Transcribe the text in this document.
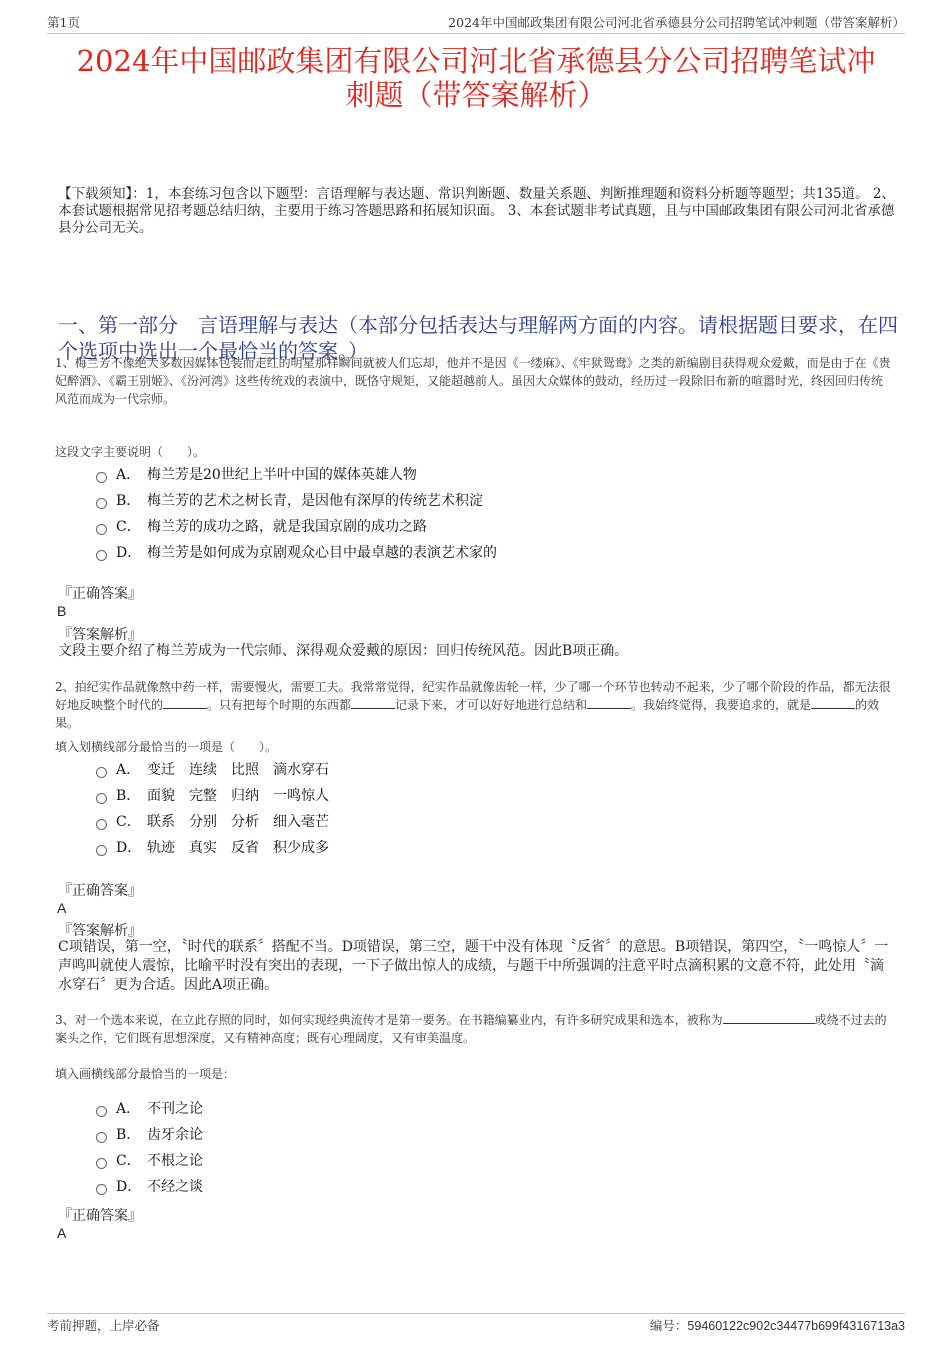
第1页	2024年中国邮政集团有限公司河北省承德县分公司招聘笔试冲刺题（带答案解析）
2024年中国邮政集团有限公司河北省承德县分公司招聘笔试冲
刺题（带答案解析）
【下载须知】：1，本套练习包含以下题型：言语理解与表达题、常识判断题、数量关系题、判断推理题和资料分析题等题型；共135道。 2、本套试题根据常见招考题总结归纳，主要用于练习答题思路和拓展知识面。 3、本套试题非考试真题，且与中国邮政集团有限公司河北省承德县分公司无关。
一、第一部分　言语理解与表达（本部分包括表达与理解两方面的内容。请根据题目要求，在四个选项中选出一个最恰当的答案。）
1、梅兰芳不像绝大多数因媒体包装而走红的明星那样瞬间就被人们忘却，他并不是因《一缕麻》、《牢狱鸳鸯》之类的新编剧目获得观众爱戴，而是由于在《贵妃醉酒》、《霸王别姬》、《汾河湾》这些传统戏的表演中，既恪守规矩，又能超越前人。虽因大众媒体的鼓动，经历过一段除旧布新的喧嚣时光，终因回归传统风范而成为一代宗师。
这段文字主要说明（　　）。
A． 梅兰芳是20世纪上半叶中国的媒体英雄人物
B． 梅兰芳的艺术之树长青，是因他有深厚的传统艺术积淀
C． 梅兰芳的成功之路，就是我国京剧的成功之路
D． 梅兰芳是如何成为京剧观众心目中最卓越的表演艺术家的
『正确答案』
B
『答案解析』
文段主要介绍了梅兰芳成为一代宗师、深得观众爱戴的原因：回归传统风范。因此B项正确。
2、拍纪实作品就像熬中药一样，需要慢火，需要工夫。我常常觉得，纪实作品就像齿轮一样，少了哪一个环节也转动不起来，少了哪个阶段的作品，都无法很好地反映整个时代的	。只有把每个时期的东西都	记录下来，才可以好好地进行总结和	。我始终觉得，我要追求的，就是	的效果。
填入划横线部分最恰当的一项是（　　）。
A． 变迁　连续　比照　滴水穿石
B． 面貌　完整　归纳　一鸣惊人
C． 联系　分别　分析　细入毫芒
D． 轨迹　真实　反省　积少成多
『正确答案』
A
『答案解析』
C项错误，第一空，〝时代的联系〞搭配不当。D项错误，第三空，题干中没有体现〝反省〞的意思。B项错误，第四空，〝一鸣惊人〞一声鸣叫就使人震惊，比喻平时没有突出的表现，一下子做出惊人的成绩，与题干中所强调的注意平时点滴积累的文意不符，此处用〝滴水穿石〞更为合适。因此A项正确。
3、对一个选本来说，在立此存照的同时，如何实现经典流传才是第一要务。在书籍编纂业内，有许多研究成果和选本，被称为	或绕不过去的案头之作，它们既有思想深度，又有精神高度；既有心理阔度，又有审美温度。
填入画横线部分最恰当的一项是：
A． 不刊之论
B． 齿牙余论
C． 不根之论
D． 不经之谈
『正确答案』
A
考前押题，上岸必备	编号：59460122c902c34477b699f4316713a3
